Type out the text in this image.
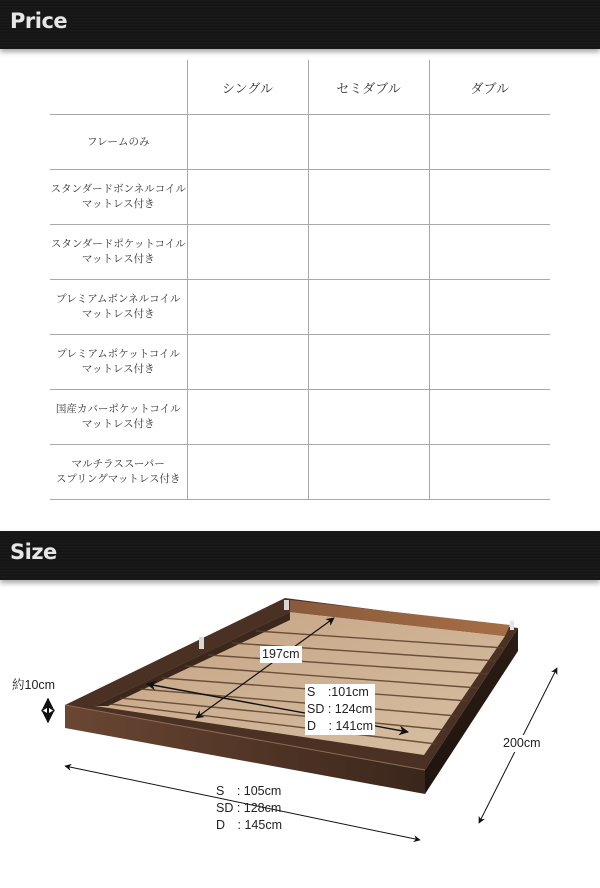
Price
	シングル	セミダブル	ダブル
フレームのみ			
スタンダードボンネルコイル
マットレス付き			
スタンダードポケットコイル
マットレス付き			
プレミアムボンネルコイル
マットレス付き			
プレミアムポケットコイル
マットレス付き			
国産カバーポケットコイル
マットレス付き			
マルチラススーパー
スプリングマットレス付き			
Size
約10cm
197cm
S　:101cm
SD : 124cm
D　: 141cm
200cm
S　: 105cm
SD : 128cm
D　: 145cm
